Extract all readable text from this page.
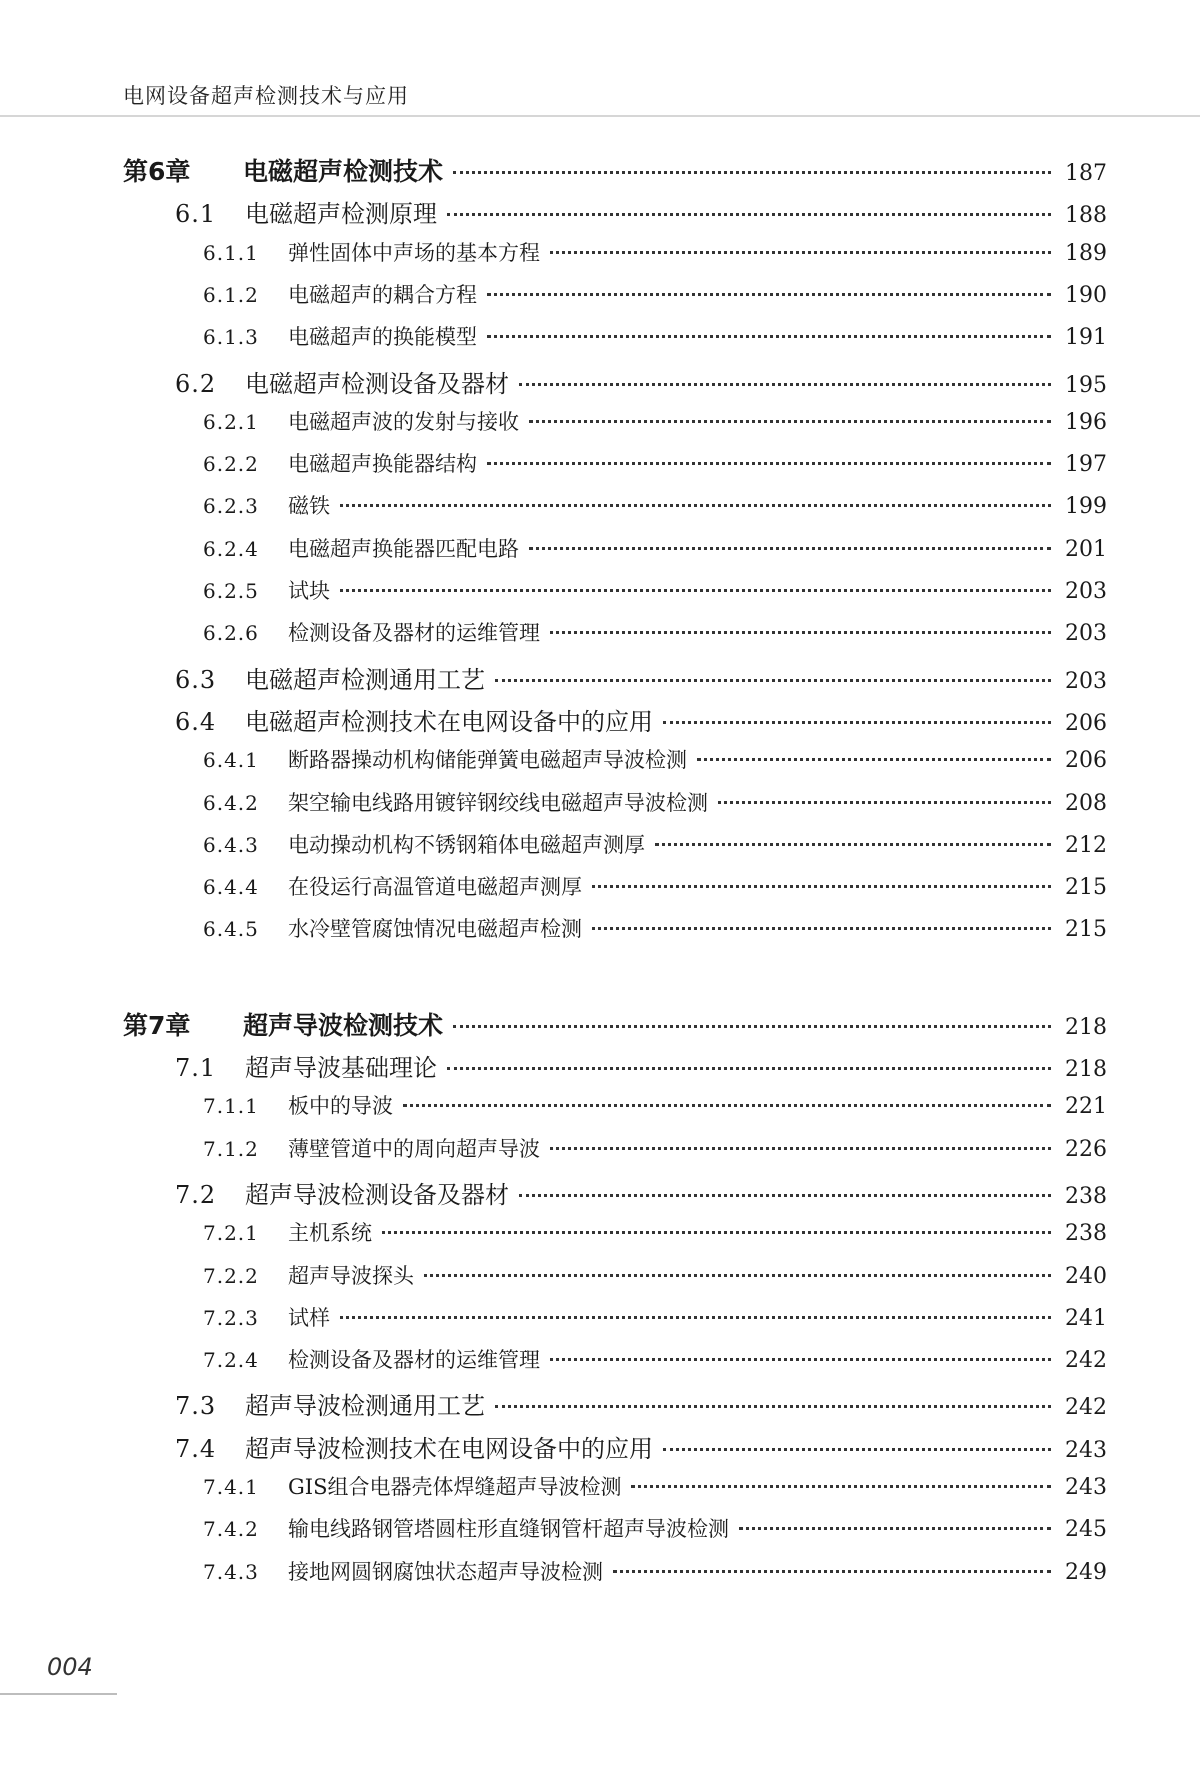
电网设备超声检测技术与应用
第6章	电磁超声检测技术	187
6.1	电磁超声检测原理	188
6.1.1	弹性固体中声场的基本方程	189
6.1.2	电磁超声的耦合方程	190
6.1.3	电磁超声的换能模型	191
6.2	电磁超声检测设备及器材	195
6.2.1	电磁超声波的发射与接收	196
6.2.2	电磁超声换能器结构	197
6.2.3	磁铁	199
6.2.4	电磁超声换能器匹配电路	201
6.2.5	试块	203
6.2.6	检测设备及器材的运维管理	203
6.3	电磁超声检测通用工艺	203
6.4	电磁超声检测技术在电网设备中的应用	206
6.4.1	断路器操动机构储能弹簧电磁超声导波检测	206
6.4.2	架空输电线路用镀锌钢绞线电磁超声导波检测	208
6.4.3	电动操动机构不锈钢箱体电磁超声测厚	212
6.4.4	在役运行高温管道电磁超声测厚	215
6.4.5	水冷壁管腐蚀情况电磁超声检测	215
第7章	超声导波检测技术	218
7.1	超声导波基础理论	218
7.1.1	板中的导波	221
7.1.2	薄壁管道中的周向超声导波	226
7.2	超声导波检测设备及器材	238
7.2.1	主机系统	238
7.2.2	超声导波探头	240
7.2.3	试样	241
7.2.4	检测设备及器材的运维管理	242
7.3	超声导波检测通用工艺	242
7.4	超声导波检测技术在电网设备中的应用	243
7.4.1	GIS组合电器壳体焊缝超声导波检测	243
7.4.2	输电线路钢管塔圆柱形直缝钢管杆超声导波检测	245
7.4.3	接地网圆钢腐蚀状态超声导波检测	249
004
